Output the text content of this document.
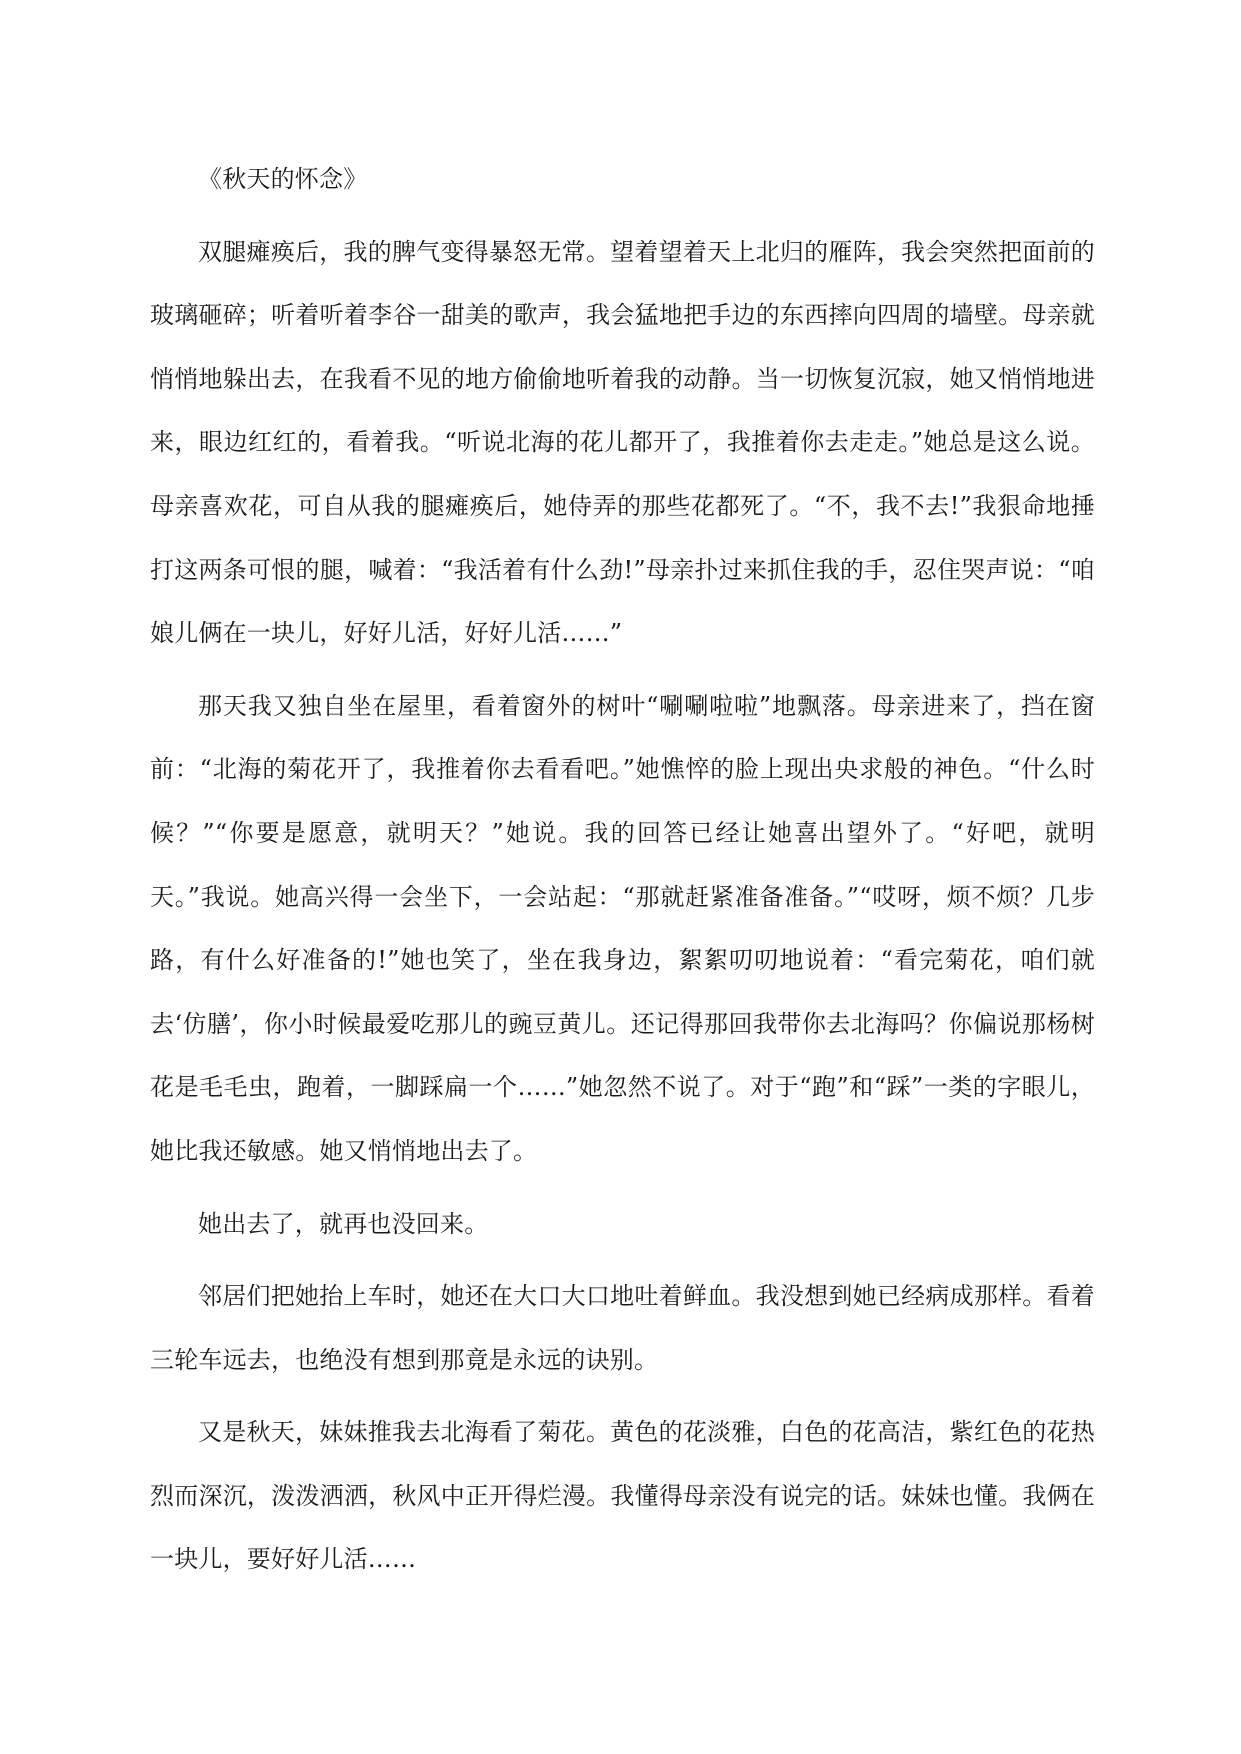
《秋天的怀念》

双腿瘫痪后，我的脾气变得暴怒无常。望着望着天上北归的雁阵，我会突然把面前的玻璃砸碎；听着听着李谷一甜美的歌声，我会猛地把手边的东西摔向四周的墙壁。母亲就悄悄地躲出去，在我看不见的地方偷偷地听着我的动静。当一切恢复沉寂，她又悄悄地进来，眼边红红的，看着我。“听说北海的花儿都开了，我推着你去走走。”她总是这么说。母亲喜欢花，可自从我的腿瘫痪后，她侍弄的那些花都死了。“不，我不去!”我狠命地捶打这两条可恨的腿，喊着：“我活着有什么劲!”母亲扑过来抓住我的手，忍住哭声说：“咱娘儿俩在一块儿，好好儿活，好好儿活……”

那天我又独自坐在屋里，看着窗外的树叶“唰唰啦啦”地飘落。母亲进来了，挡在窗前：“北海的菊花开了，我推着你去看看吧。”她憔悴的脸上现出央求般的神色。“什么时候？”“你要是愿意，就明天？”她说。我的回答已经让她喜出望外了。“好吧，就明天。”我说。她高兴得一会坐下，一会站起：“那就赶紧准备准备。”“哎呀，烦不烦？几步路，有什么好准备的!”她也笑了，坐在我身边，絮絮叨叨地说着：“看完菊花，咱们就去‘仿膳’，你小时候最爱吃那儿的豌豆黄儿。还记得那回我带你去北海吗？你偏说那杨树花是毛毛虫，跑着，一脚踩扁一个……”她忽然不说了。对于“跑”和“踩”一类的字眼儿，她比我还敏感。她又悄悄地出去了。

她出去了，就再也没回来。

邻居们把她抬上车时，她还在大口大口地吐着鲜血。我没想到她已经病成那样。看着三轮车远去，也绝没有想到那竟是永远的诀别。

又是秋天，妹妹推我去北海看了菊花。黄色的花淡雅，白色的花高洁，紫红色的花热烈而深沉，泼泼洒洒，秋风中正开得烂漫。我懂得母亲没有说完的话。妹妹也懂。我俩在一块儿，要好好儿活……
